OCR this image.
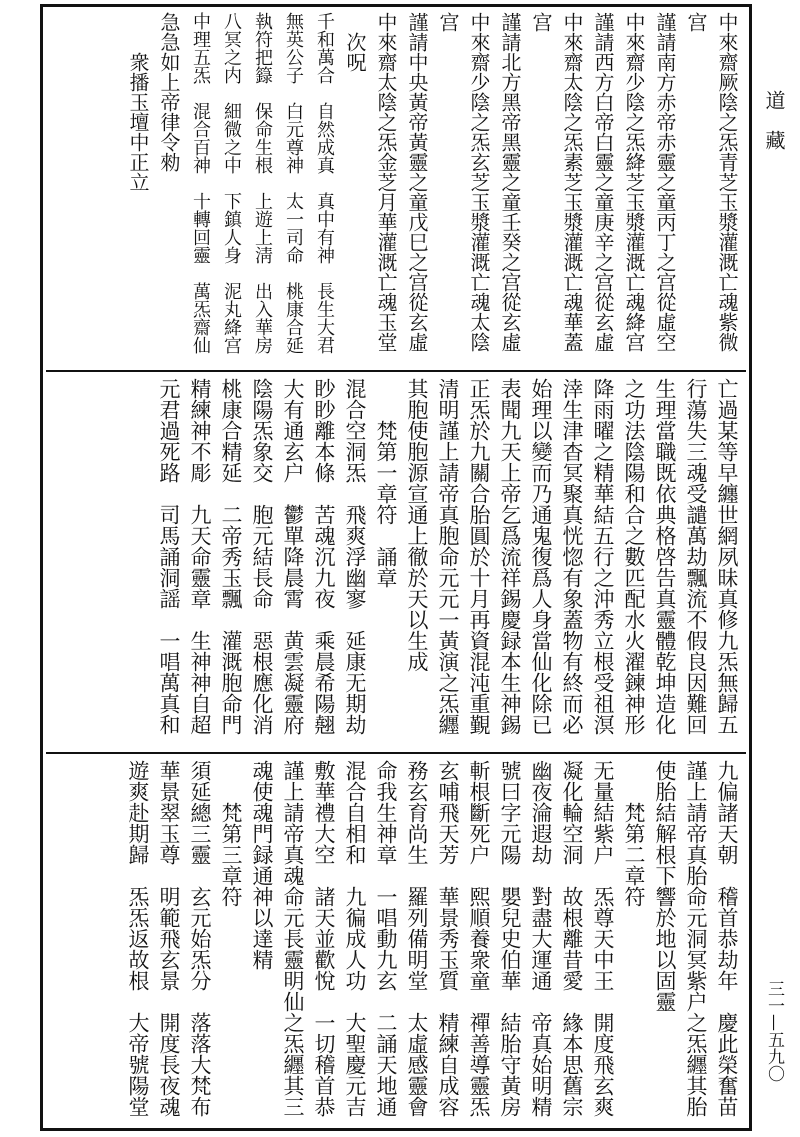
道　藏
三一—五九〇
中來齋厥陰之炁青芝玉漿灌溉亡魂紫微
宫
謹請南方赤帝赤靈之童丙丁之宫從虛空
中來齋少陰之炁絳芝玉漿灌溉亡魂絳宫
謹請西方白帝白靈之童庚辛之宫從玄虛
中來齋太陰之炁素芝玉漿灌溉亡魂華蓋
宫
謹請北方黑帝黑靈之童壬癸之宫從玄虛
中來齋少陰之炁玄芝玉漿灌溉亡魂太陰
宫
謹請中央黃帝黃靈之童戊巳之宫從玄虛
中來齋太陰之炁金芝月華灌溉亡魂玉堂
　次呪
千和萬合　自然成真　真中有神　長生大君
無英公子　白元尊神　太一司命　桃康合延
執符把籙　保命生根　上遊上淸　出入華房
八冥之内　細微之中　下鎮人身　泥丸絳宫
中理五炁　混合百神　十轉回靈　萬炁齋仙
急急如上帝律令勑
　　衆播玉壇中正立
亡過某等早纏世網夙昧真修九炁無歸五
行蕩失三魂受譴萬劫飄流不假良因難回
生理當職既依典格啓告真靈體乾坤造化
之功法陰陽和合之數匹配水火濯鍊神形
降雨曜之精華結五行之沖秀立根受祖溟
涬生津杳冥聚真恍惚有象蓋物有終而必
始理以變而乃通鬼復爲人身當仙化除已
表聞九天上帝乞爲流祥錫慶録本生神錫
正炁於九關合胎圓於十月再資混沌重覲
清明謹上請帝真胞命元元一黃演之炁纒
其胞使胞源宣通上徹於天以生成
　　梵第一章符　誦章
混合空洞炁　飛爽浮幽寥　延康无期劫
眇眇離本條　苦魂沉九夜　乘晨希陽翹
大有通玄户　鬱單降晨霄　黄雲凝靈府
陰陽炁象交　胞元結長命　惡根應化消
桃康合精延　二帝秀玉飄　灌溉胞命門
精練神不彫　九天命靈章　生神神自超
元君過死路　司馬誦洞謡　一唱萬真和
九偏諸天朝　稽首恭劫年　慶此榮奮苗
謹上請帝真胎命元洞冥紫户之炁纒其胎
使胎結解根下響於地以固靈
　　梵第二章符
无量結紫户　炁尊天中王　開度飛玄爽
凝化輪空洞　故根離昔愛　緣本思舊宗
幽夜淪遐劫　對盡大運通　帝真始明精
號曰字元陽　嬰兒史伯華　結胎守黃房
斬根斷死户　熙順養衆童　禪善導靈炁
玄哺飛天芳　華景秀玉質　精練自成容
務玄育尚生　羅列備明堂　太虛感靈會
命我生神章　一唱動九玄　二誦天地通
混合自相和　九徧成人功　大聖慶元吉
敷華禮大空　諸天並歡悅　一切稽首恭
謹上請帝真魂命元長靈明仙之炁纒其三
魂使魂門録通神以達精
　　梵第三章符
須延總三靈　玄元始炁分　落落大梵布
華景翠玉尊　明範飛玄景　開度長夜魂
遊爽赴期歸　炁炁返故根　大帝號陽堂
